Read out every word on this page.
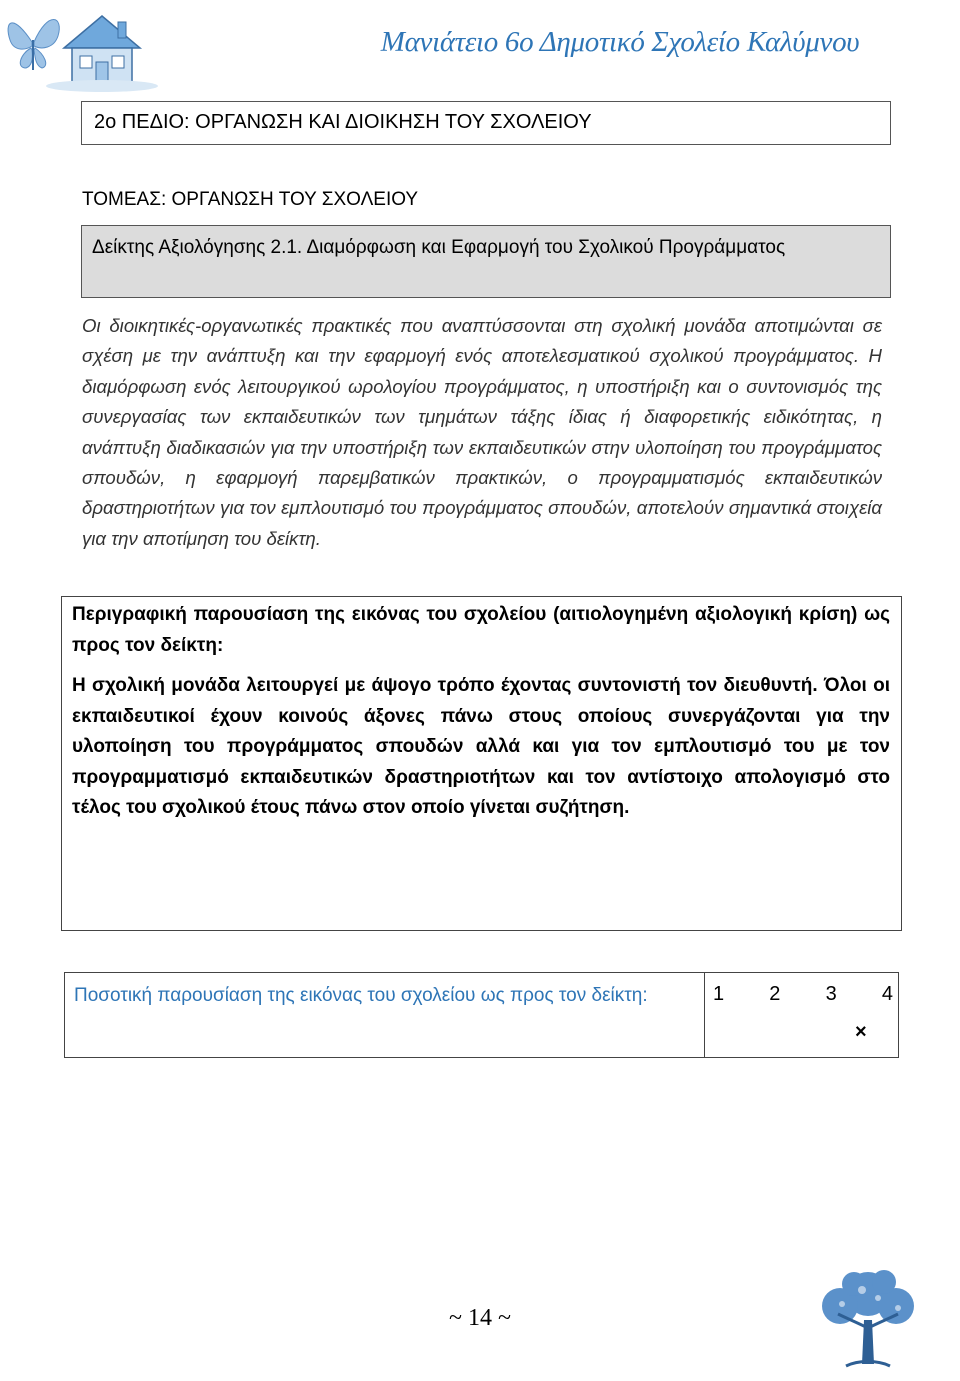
Μανιάτειο 6ο Δημοτικό Σχολείο Καλύμνου
2ο ΠΕΔΙΟ: ΟΡΓΑΝΩΣΗ ΚΑΙ ΔΙΟΙΚΗΣΗ ΤΟΥ ΣΧΟΛΕΙΟΥ
ΤΟΜΕΑΣ: ΟΡΓΑΝΩΣΗ ΤΟΥ ΣΧΟΛΕΙΟΥ
Δείκτης Αξιολόγησης 2.1. Διαμόρφωση και Εφαρμογή του Σχολικού Προγράμματος
Οι διοικητικές-οργανωτικές πρακτικές που αναπτύσσονται στη σχολική μονάδα αποτιμώνται σε σχέση με την ανάπτυξη και την εφαρμογή ενός αποτελεσματικού σχολικού προγράμματος. Η διαμόρφωση ενός λειτουργικού ωρολογίου προγράμματος, η υποστήριξη και ο συντονισμός της συνεργασίας των εκπαιδευτικών των τμημάτων τάξης ίδιας ή διαφορετικής ειδικότητας, η ανάπτυξη διαδικασιών για την υποστήριξη των εκπαιδευτικών στην υλοποίηση του προγράμματος σπουδών, η εφαρμογή παρεμβατικών πρακτικών, ο προγραμματισμός εκπαιδευτικών δραστηριοτήτων για τον εμπλουτισμό του προγράμματος σπουδών, αποτελούν σημαντικά στοιχεία για την αποτίμηση του δείκτη.

Περιγραφική παρουσίαση της εικόνας του σχολείου (αιτιολογημένη αξιολογική κρίση) ως προς τον δείκτη:

Η σχολική μονάδα λειτουργεί με άψογο τρόπο έχοντας συντονιστή τον διευθυντή. Όλοι οι εκπαιδευτικοί έχουν κοινούς άξονες πάνω στους οποίους συνεργάζονται για την υλοποίηση του προγράμματος σπουδών αλλά και για τον εμπλουτισμό του με τον προγραμματισμό εκπαιδευτικών δραστηριοτήτων και τον αντίστοιχο απολογισμό στο τέλος του σχολικού έτους πάνω στον οποίο γίνεται συζήτηση.

Ποσοτική παρουσίαση της εικόνας του σχολείου ως προς τον δείκτη:	1 2 3 4
×
~ 14 ~
